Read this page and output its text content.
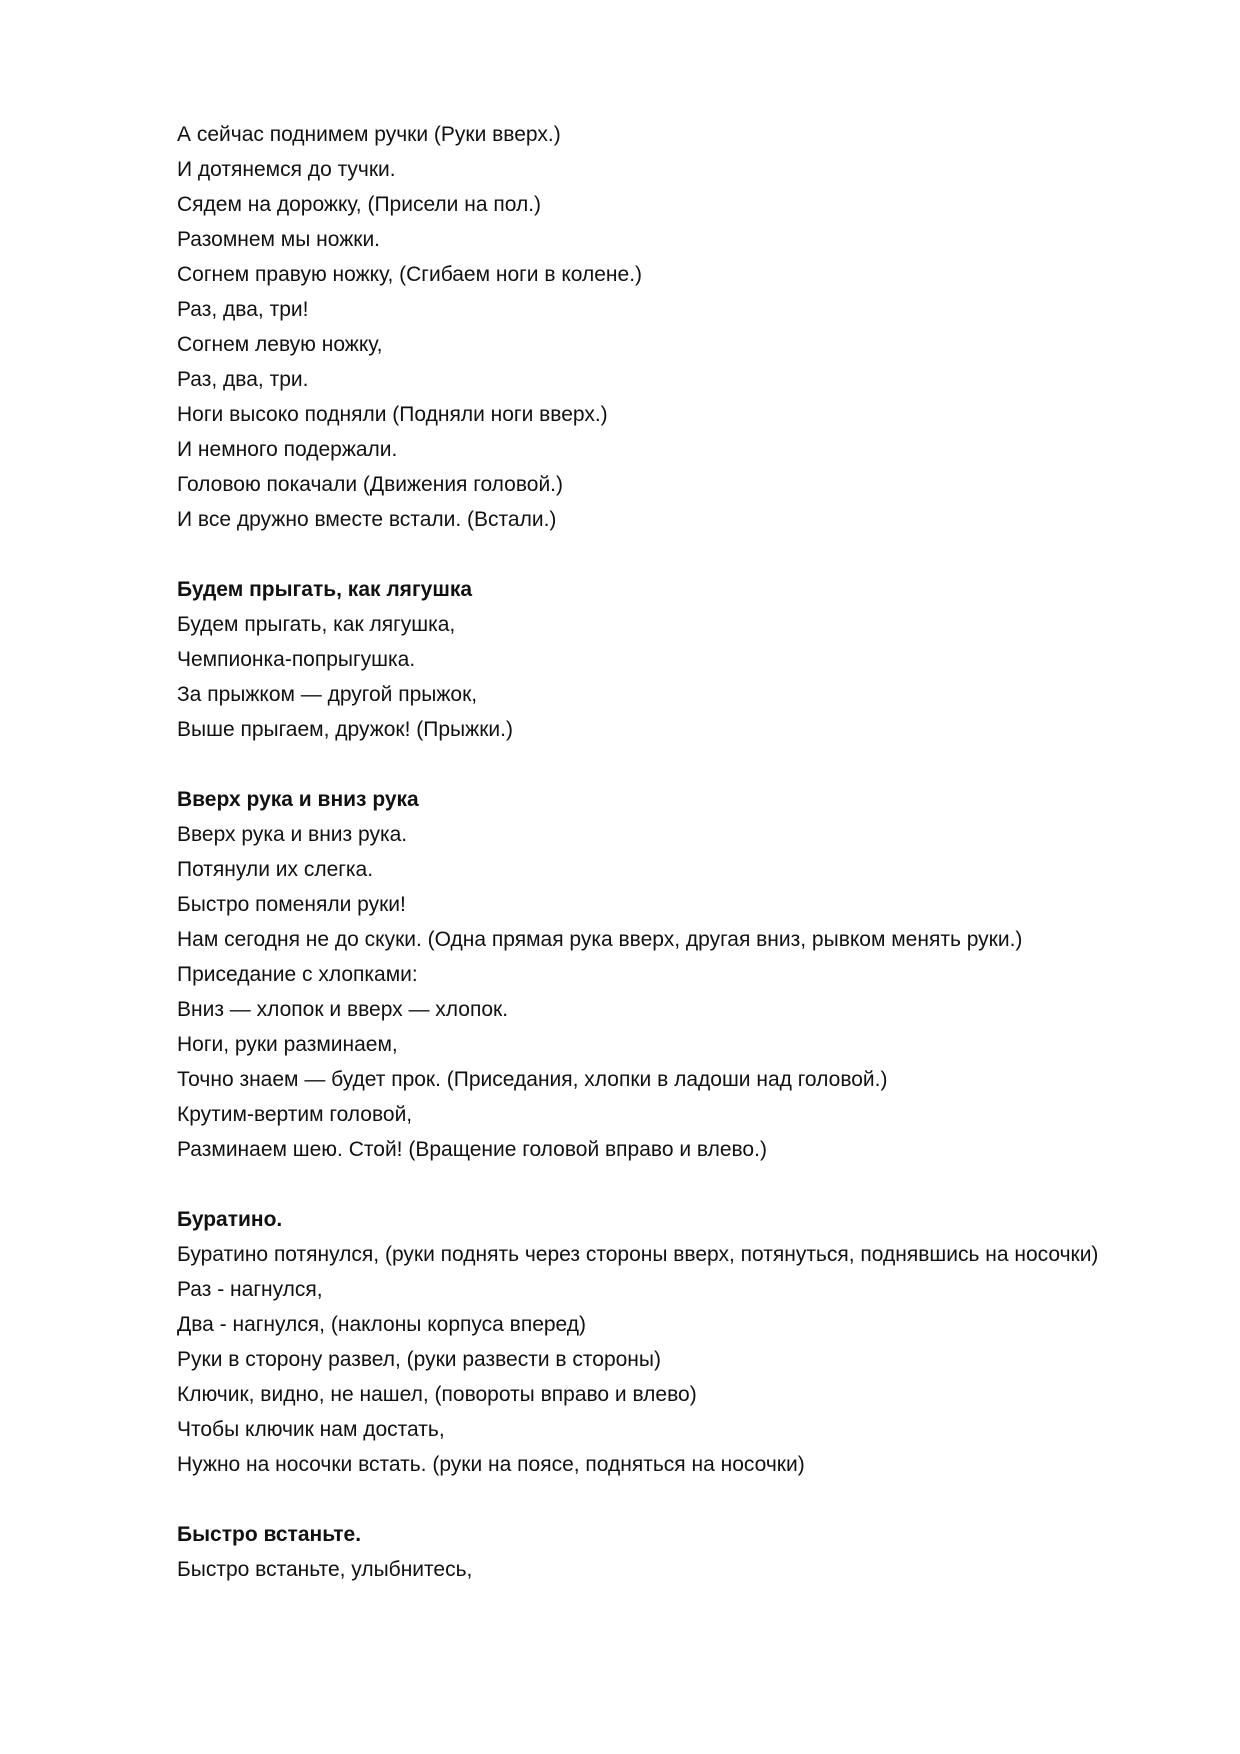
А сейчас поднимем ручки (Руки вверх.)
И дотянемся до тучки.
Сядем на дорожку, (Присели на пол.)
Разомнем мы ножки.
Согнем правую ножку, (Сгибаем ноги в колене.)
Раз, два, три!
Согнем левую ножку,
Раз, два, три.
Ноги высоко подняли (Подняли ноги вверх.)
И немного подержали.
Головою покачали (Движения головой.)
И все дружно вместе встали. (Встали.)
Будем прыгать, как лягушка
Будем прыгать, как лягушка,
Чемпионка-попрыгушка.
За прыжком — другой прыжок,
Выше прыгаем, дружок! (Прыжки.)
Вверх рука и вниз рука
Вверх рука и вниз рука.
Потянули их слегка.
Быстро поменяли руки!
Нам сегодня не до скуки. (Одна прямая рука вверх, другая вниз, рывком менять руки.)
Приседание с хлопками:
Вниз — хлопок и вверх — хлопок.
Ноги, руки разминаем,
Точно знаем — будет прок. (Приседания, хлопки в ладоши над головой.)
Крутим-вертим головой,
Разминаем шею. Стой! (Вращение головой вправо и влево.)
Буратино.
Буратино потянулся, (руки поднять через стороны вверх, потянуться, поднявшись на носочки)
Раз - нагнулся,
Два - нагнулся, (наклоны корпуса вперед)
Руки в сторону развел, (руки развести в стороны)
Ключик, видно, не нашел, (повороты вправо и влево)
Чтобы ключик нам достать,
Нужно на носочки встать. (руки на поясе, подняться на носочки)
Быстро встаньте.
Быстро встаньте, улыбнитесь,
